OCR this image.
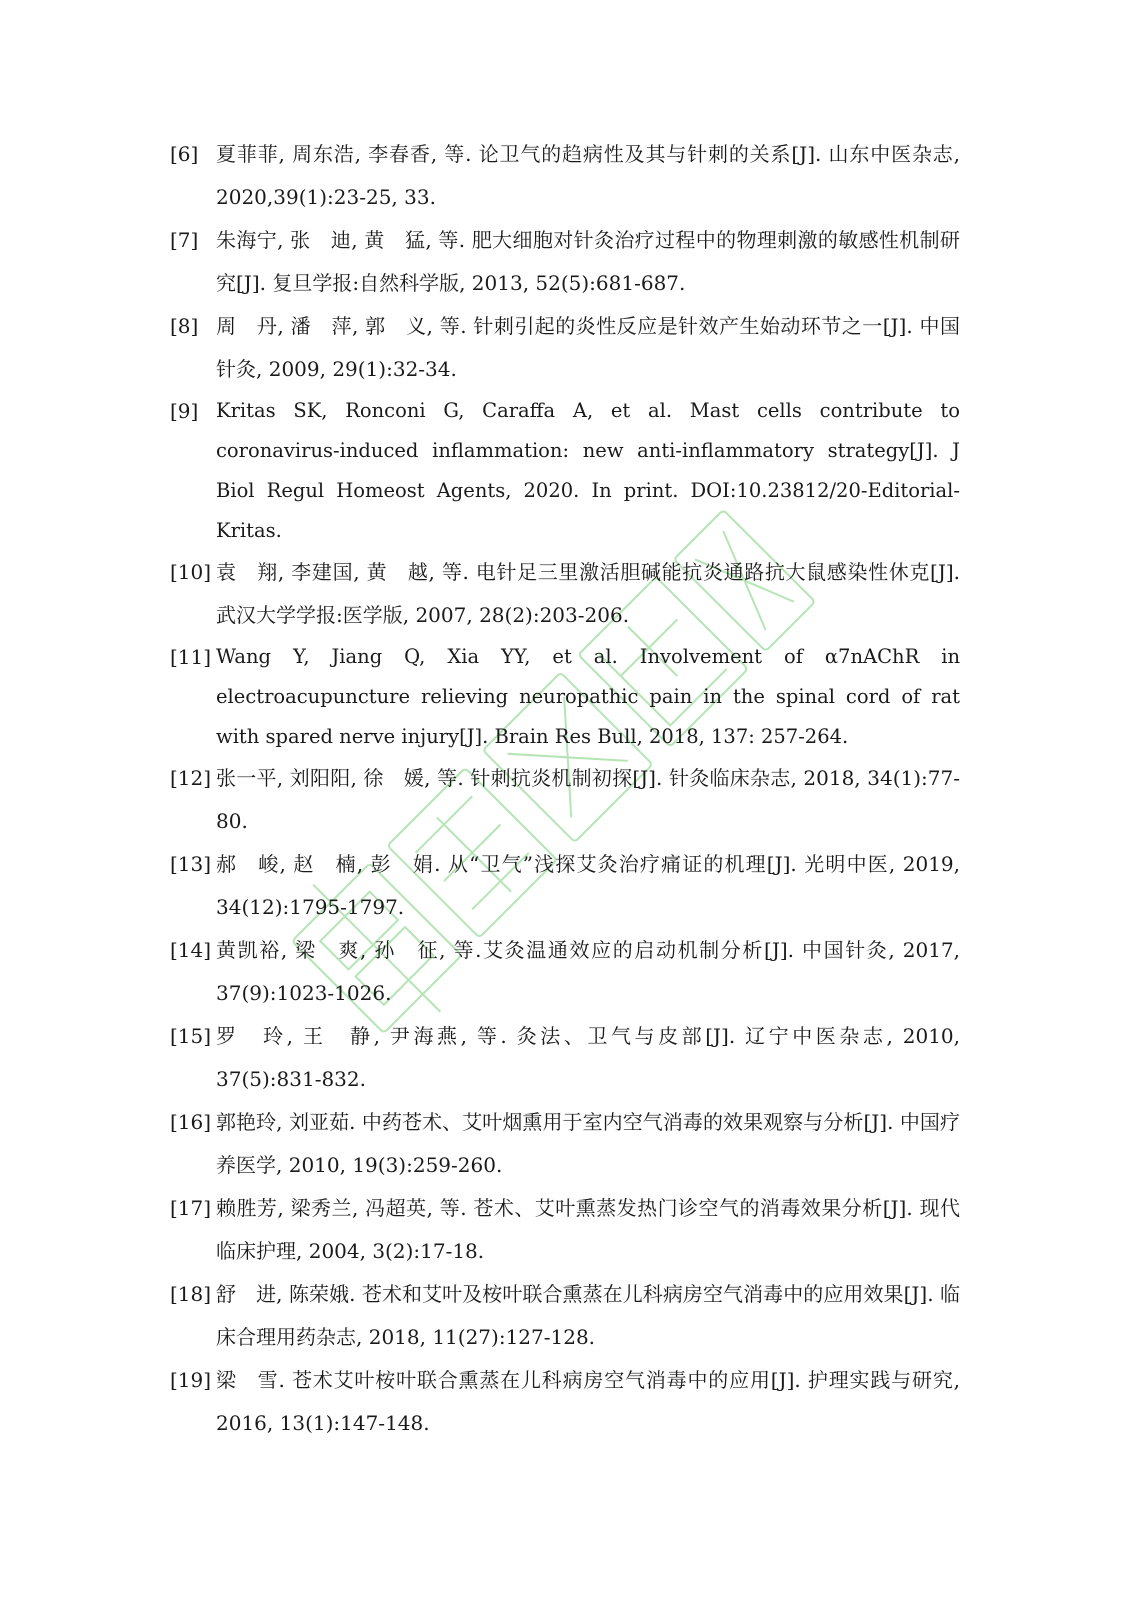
[6] 夏菲菲, 周东浩, 李春香, 等. 论卫气的趋病性及其与针刺的关系[J]. 山东中医杂志, 2020,39(1):23-25, 33.
[7] 朱海宁, 张　迪, 黄　猛, 等. 肥大细胞对针灸治疗过程中的物理刺激的敏感性机制研究[J]. 复旦学报:自然科学版, 2013, 52(5):681-687.
[8] 周　丹, 潘　萍, 郭　义, 等. 针刺引起的炎性反应是针效产生始动环节之一[J]. 中国针灸, 2009, 29(1):32-34.
[9] Kritas SK, Ronconi G, Caraffa A, et al. Mast cells contribute to coronavirus-induced inflammation: new anti-inflammatory strategy[J]. J Biol Regul Homeost Agents, 2020. In print. DOI:10.23812/20-Editorial-Kritas.
[10] 袁　翔, 李建国, 黄　越, 等. 电针足三里激活胆碱能抗炎通路抗大鼠感染性休克[J]. 武汉大学学报:医学版, 2007, 28(2):203-206.
[11] Wang Y, Jiang Q, Xia YY, et al. Involvement of α7nAChR in electroacupuncture relieving neuropathic pain in the spinal cord of rat with spared nerve injury[J]. Brain Res Bull, 2018, 137: 257-264.
[12] 张一平, 刘阳阳, 徐　媛, 等. 针刺抗炎机制初探[J]. 针灸临床杂志, 2018, 34(1):77-80.
[13] 郝　峻, 赵　楠, 彭　娟. 从“卫气”浅探艾灸治疗痛证的机理[J]. 光明中医, 2019, 34(12):1795-1797.
[14] 黄凯裕, 梁　爽, 孙　征, 等.艾灸温通效应的启动机制分析[J]. 中国针灸, 2017, 37(9):1023-1026.
[15] 罗　玲, 王　静, 尹海燕, 等. 灸法、卫气与皮部[J]. 辽宁中医杂志, 2010, 37(5):831-832.
[16] 郭艳玲, 刘亚茹. 中药苍术、艾叶烟熏用于室内空气消毒的效果观察与分析[J]. 中国疗养医学, 2010, 19(3):259-260.
[17] 赖胜芳, 梁秀兰, 冯超英, 等. 苍术、艾叶熏蒸发热门诊空气的消毒效果分析[J]. 现代临床护理, 2004, 3(2):17-18.
[18] 舒　进, 陈荣娥. 苍术和艾叶及桉叶联合熏蒸在儿科病房空气消毒中的应用效果[J]. 临床合理用药杂志, 2018, 11(27):127-128.
[19] 梁　雪. 苍术艾叶桉叶联合熏蒸在儿科病房空气消毒中的应用[J]. 护理实践与研究, 2016, 13(1):147-148.
